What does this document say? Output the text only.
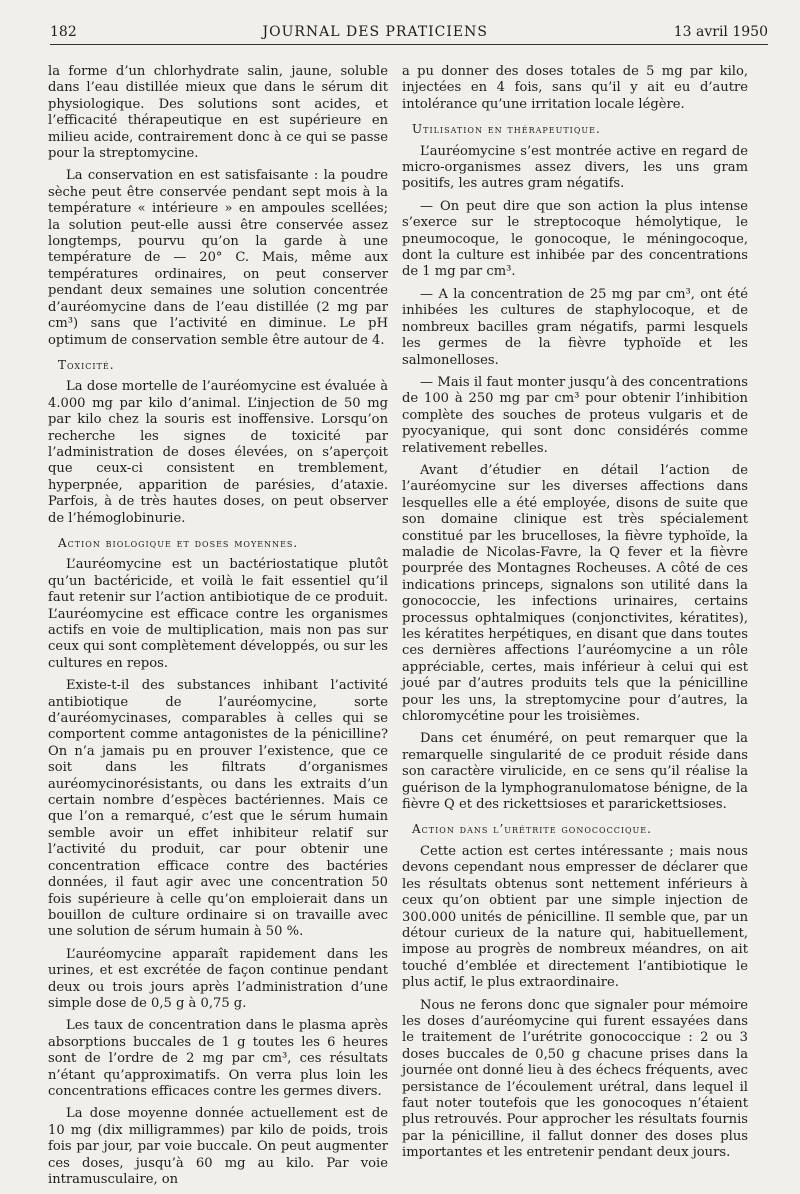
182	JOURNAL DES PRATICIENS	13 avril 1950

la forme d’un chlorhydrate salin, jaune, soluble dans l’eau distillée mieux que dans le sérum dit physiologique. Des solutions sont acides, et l’efficacité thérapeutique en est supérieure en milieu acide, contrairement donc à ce qui se passe pour la streptomycine.

La conservation en est satisfaisante : la poudre sèche peut être conservée pendant sept mois à la température « intérieure » en ampoules scellées; la solution peut-elle aussi être conservée assez longtemps, pourvu qu’on la garde à une température de — 20° C. Mais, même aux températures ordinaires, on peut conserver pendant deux semaines une solution concentrée d’auréomycine dans de l’eau distillée (2 mg par cm³) sans que l’activité en diminue. Le pH optimum de conservation semble être autour de 4.

Toxicité.

La dose mortelle de l’auréomycine est évaluée à 4.000 mg par kilo d’animal. L’injection de 50 mg par kilo chez la souris est inoffensive. Lorsqu’on recherche les signes de toxicité par l’administration de doses élevées, on s’aperçoit que ceux-ci consistent en tremblement, hyperpnée, apparition de parésies, d’ataxie. Parfois, à de très hautes doses, on peut observer de l’hémoglobinurie.

Action biologique et doses moyennes.

L’auréomycine est un bactériostatique plutôt qu’un bactéricide, et voilà le fait essentiel qu’il faut retenir sur l’action antibiotique de ce produit. L’auréomycine est efficace contre les organismes actifs en voie de multiplication, mais non pas sur ceux qui sont complètement développés, ou sur les cultures en repos.

Existe-t-il des substances inhibant l’activité antibiotique de l’auréomycine, sorte d’auréomycinases, comparables à celles qui se comportent comme antagonistes de la pénicilline? On n’a jamais pu en prouver l’existence, que ce soit dans les filtrats d’organismes auréomycinorésistants, ou dans les extraits d’un certain nombre d’espèces bactériennes. Mais ce que l’on a remarqué, c’est que le sérum humain semble avoir un effet inhibiteur relatif sur l’activité du produit, car pour obtenir une concentration efficace contre des bactéries données, il faut agir avec une concentration 50 fois supérieure à celle qu’on emploierait dans un bouillon de culture ordinaire si on travaille avec une solution de sérum humain à 50 %.

L’auréomycine apparaît rapidement dans les urines, et est excrétée de façon continue pendant deux ou trois jours après l’administration d’une simple dose de 0,5 g à 0,75 g.

Les taux de concentration dans le plasma après absorptions buccales de 1 g toutes les 6 heures sont de l’ordre de 2 mg par cm³, ces résultats n’étant qu’approximatifs. On verra plus loin les concentrations efficaces contre les germes divers.

La dose moyenne donnée actuellement est de 10 mg (dix milligrammes) par kilo de poids, trois fois par jour, par voie buccale. On peut augmenter ces doses, jusqu’à 60 mg au kilo. Par voie intramusculaire, on

a pu donner des doses totales de 5 mg par kilo, injectées en 4 fois, sans qu’il y ait eu d’autre intolérance qu’une irritation locale légère.

Utilisation en thérapeutique.

L’auréomycine s’est montrée active en regard de micro-organismes assez divers, les uns gram positifs, les autres gram négatifs.

— On peut dire que son action la plus intense s’exerce sur le streptocoque hémolytique, le pneumocoque, le gonocoque, le méningocoque, dont la culture est inhibée par des concentrations de 1 mg par cm³.

— A la concentration de 25 mg par cm³, ont été inhibées les cultures de staphylocoque, et de nombreux bacilles gram négatifs, parmi lesquels les germes de la fièvre typhoïde et les salmonelloses.

— Mais il faut monter jusqu’à des concentrations de 100 à 250 mg par cm³ pour obtenir l’inhibition complète des souches de proteus vulgaris et de pyocyanique, qui sont donc considérés comme relativement rebelles.

Avant d’étudier en détail l’action de l’auréomycine sur les diverses affections dans lesquelles elle a été employée, disons de suite que son domaine clinique est très spécialement constitué par les brucelloses, la fièvre typhoïde, la maladie de Nicolas-Favre, la Q fever et la fièvre pourprée des Montagnes Rocheuses. A côté de ces indications princeps, signalons son utilité dans la gonococcie, les infections urinaires, certains processus ophtalmiques (conjonctivites, kératites), les kératites herpétiques, en disant que dans toutes ces dernières affections l’auréomycine a un rôle appréciable, certes, mais inférieur à celui qui est joué par d’autres produits tels que la pénicilline pour les uns, la streptomycine pour d’autres, la chloromycétine pour les troisièmes.

Dans cet énuméré, on peut remarquer que la remarquelle singularité de ce produit réside dans son caractère virulicide, en ce sens qu’il réalise la guérison de la lymphogranulomatose bénigne, de la fièvre Q et des rickettsioses et pararickettsioses.

Action dans l’urétrite gonococcique.

Cette action est certes intéressante ; mais nous devons cependant nous empresser de déclarer que les résultats obtenus sont nettement inférieurs à ceux qu’on obtient par une simple injection de 300.000 unités de pénicilline. Il semble que, par un détour curieux de la nature qui, habituellement, impose au progrès de nombreux méandres, on ait touché d’emblée et directement l’antibiotique le plus actif, le plus extraordinaire.

Nous ne ferons donc que signaler pour mémoire les doses d’auréomycine qui furent essayées dans le traitement de l’urétrite gonococcique : 2 ou 3 doses buccales de 0,50 g chacune prises dans la journée ont donné lieu à des échecs fréquents, avec persistance de l’écoulement urétral, dans lequel il faut noter toutefois que les gonocoques n’étaient plus retrouvés. Pour approcher les résultats fournis par la pénicilline, il fallut donner des doses plus importantes et les entretenir pendant deux jours.
